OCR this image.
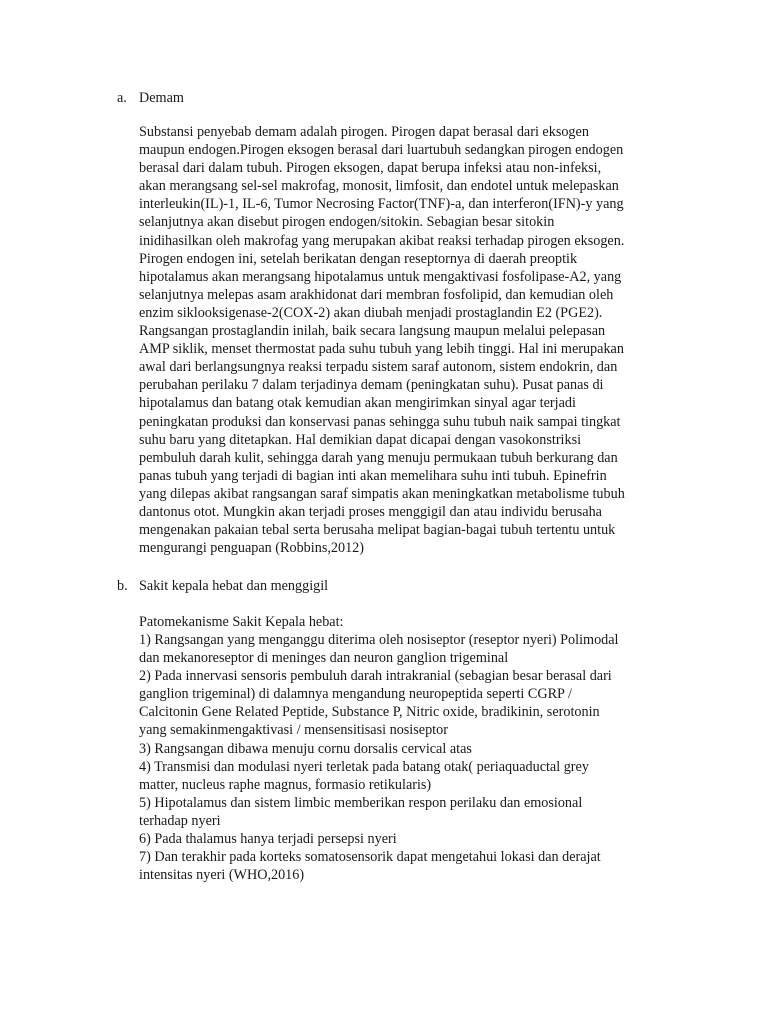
a. Demam
Substansi penyebab demam adalah pirogen. Pirogen dapat berasal dari eksogen
maupun endogen.Pirogen eksogen berasal dari luartubuh sedangkan pirogen endogen
berasal dari dalam tubuh. Pirogen eksogen, dapat berupa infeksi atau non-infeksi,
akan merangsang sel-sel makrofag, monosit, limfosit, dan endotel untuk melepaskan
interleukin(IL)-1, IL-6, Tumor Necrosing Factor(TNF)-a, dan interferon(IFN)-y yang
selanjutnya akan disebut pirogen endogen/sitokin. Sebagian besar sitokin
inidihasilkan oleh makrofag yang merupakan akibat reaksi terhadap pirogen eksogen.
Pirogen endogen ini, setelah berikatan dengan reseptornya di daerah preoptik
hipotalamus akan merangsang hipotalamus untuk mengaktivasi fosfolipase-A2, yang
selanjutnya melepas asam arakhidonat dari membran fosfolipid, dan kemudian oleh
enzim siklooksigenase-2(COX-2) akan diubah menjadi prostaglandin E2 (PGE2).
Rangsangan prostaglandin inilah, baik secara langsung maupun melalui pelepasan
AMP siklik, menset thermostat pada suhu tubuh yang lebih tinggi. Hal ini merupakan
awal dari berlangsungnya reaksi terpadu sistem saraf autonom, sistem endokrin, dan
perubahan perilaku 7 dalam terjadinya demam (peningkatan suhu). Pusat panas di
hipotalamus dan batang otak kemudian akan mengirimkan sinyal agar terjadi
peningkatan produksi dan konservasi panas sehingga suhu tubuh naik sampai tingkat
suhu baru yang ditetapkan. Hal demikian dapat dicapai dengan vasokonstriksi
pembuluh darah kulit, sehingga darah yang menuju permukaan tubuh berkurang dan
panas tubuh yang terjadi di bagian inti akan memelihara suhu inti tubuh. Epinefrin
yang dilepas akibat rangsangan saraf simpatis akan meningkatkan metabolisme tubuh
dantonus otot. Mungkin akan terjadi proses menggigil dan atau individu berusaha
mengenakan pakaian tebal serta berusaha melipat bagian-bagai tubuh tertentu untuk
mengurangi penguapan (Robbins,2012)
b. Sakit kepala hebat dan menggigil
Patomekanisme Sakit Kepala hebat:
1) Rangsangan yang menganggu diterima oleh nosiseptor (reseptor nyeri) Polimodal
dan mekanoreseptor di meninges dan neuron ganglion trigeminal
2) Pada innervasi sensoris pembuluh darah intrakranial (sebagian besar berasal dari
ganglion trigeminal) di dalamnya mengandung neuropeptida seperti CGRP /
Calcitonin Gene Related Peptide, Substance P, Nitric oxide, bradikinin, serotonin
yang semakinmengaktivasi / mensensitisasi nosiseptor
3) Rangsangan dibawa menuju cornu dorsalis cervical atas
4) Transmisi dan modulasi nyeri terletak pada batang otak( periaquaductal grey
matter, nucleus raphe magnus, formasio retikularis)
5) Hipotalamus dan sistem limbic memberikan respon perilaku dan emosional
terhadap nyeri
6) Pada thalamus hanya terjadi persepsi nyeri
7) Dan terakhir pada korteks somatosensorik dapat mengetahui lokasi dan derajat
intensitas nyeri (WHO,2016)
